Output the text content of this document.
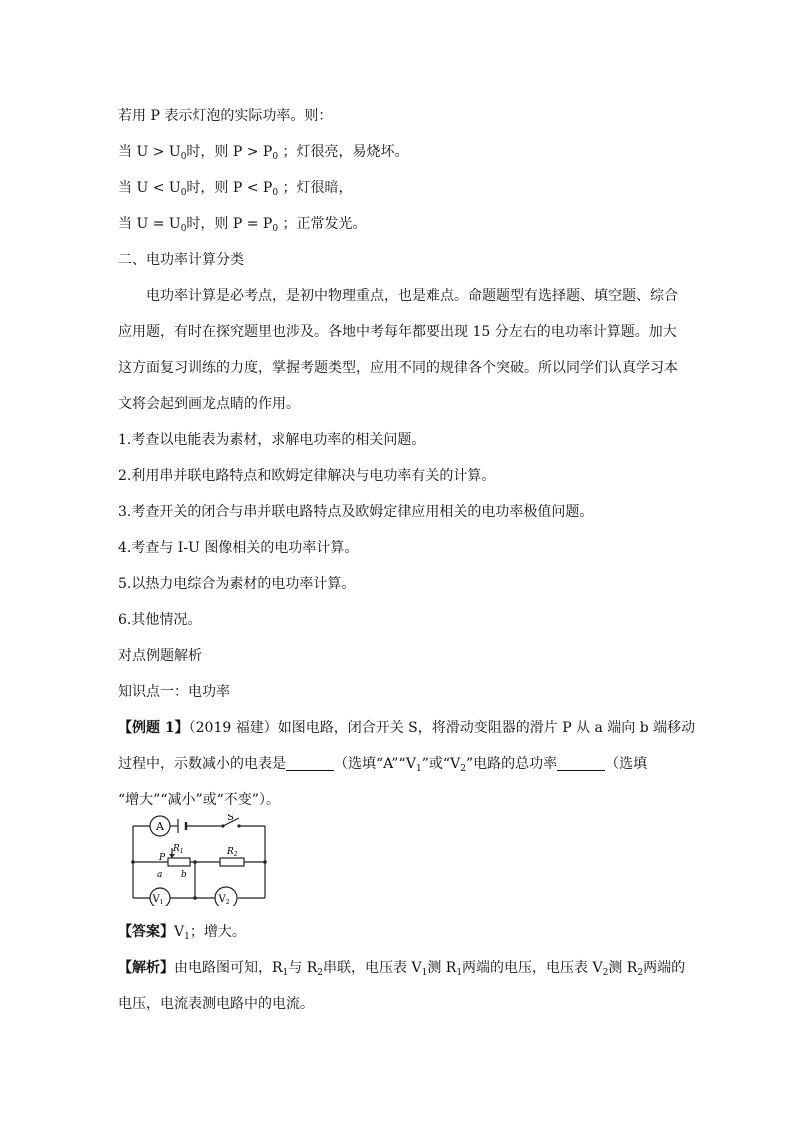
若用 P 表示灯泡的实际功率。则：
当 $U > U_0$时，则 $P > P_0$ ；灯很亮，易烧坏。
当 $U < U_0$时，则 $P < P_0$ ；灯很暗，
当 $U = U_0$时，则 $P = P_0$ ；正常发光。
二、电功率计算分类
电功率计算是必考点，是初中物理重点，也是难点。命题题型有选择题、填空题、综合
应用题，有时在探究题里也涉及。各地中考每年都要出现 15 分左右的电功率计算题。加大
这方面复习训练的力度，掌握考题类型，应用不同的规律各个突破。所以同学们认真学习本
文将会起到画龙点睛的作用。
1.考查以电能表为素材，求解电功率的相关问题。
2.利用串并联电路特点和欧姆定律解决与电功率有关的计算。
3.考查开关的闭合与串并联电路特点及欧姆定律应用相关的电功率极值问题。
4.考查与 I-U 图像相关的电功率计算。
5.以热力电综合为素材的电功率计算。
6.其他情况。
对点例题解析
知识点一：电功率
【例题 1】（2019 福建）如图电路，闭合开关 S，将滑动变阻器的滑片 P 从 a 端向 b 端移动
过程中，示数减小的电表是	（选填“$A”“V_1$”或“$V_2$”电路的总功率	（选填
“增大”“减小”或“不变”）。
A
S
$R_1$
P
a b
$R_2$
$V_1$	$V_2$
【答案】$V_1$；增大。
【解析】由电路图可知，$R_1$与 $R_2$串联，电压表 $V_1$测 $R_1$两端的电压，电压表 $V_2$测 $R_2$两端的
电压，电流表测电路中的电流。
